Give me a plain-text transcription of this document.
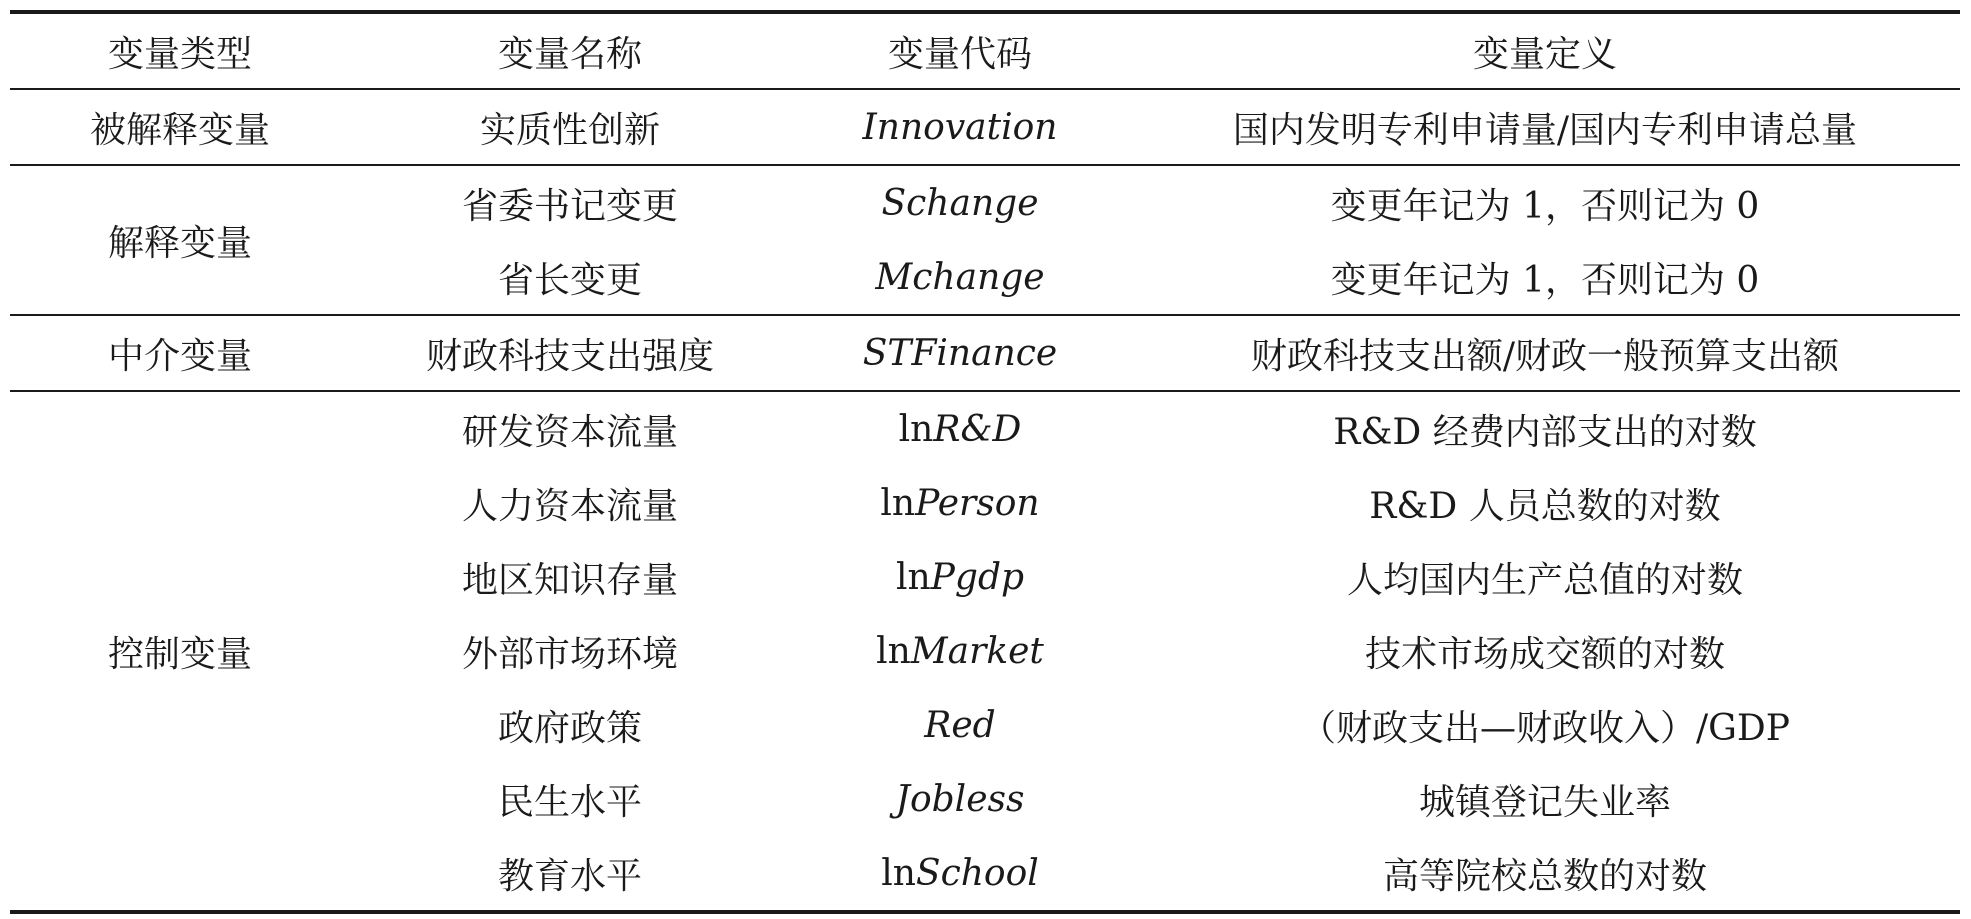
变量类型	变量名称	变量代码	变量定义
被解释变量	实质性创新	Innovation	国内发明专利申请量/国内专利申请总量
解释变量	省委书记变更	Schange	变更年记为 1，否则记为 0
	省长变更	Mchange	变更年记为 1，否则记为 0
中介变量	财政科技支出强度	STFinance	财政科技支出额/财政一般预算支出额
控制变量	研发资本流量	lnR&D	R&D 经费内部支出的对数
	人力资本流量	lnPerson	R&D 人员总数的对数
	地区知识存量	lnPgdp	人均国内生产总值的对数
	外部市场环境	lnMarket	技术市场成交额的对数
	政府政策	Red	（财政支出—财政收入）/GDP
	民生水平	Jobless	城镇登记失业率
	教育水平	lnSchool	高等院校总数的对数
